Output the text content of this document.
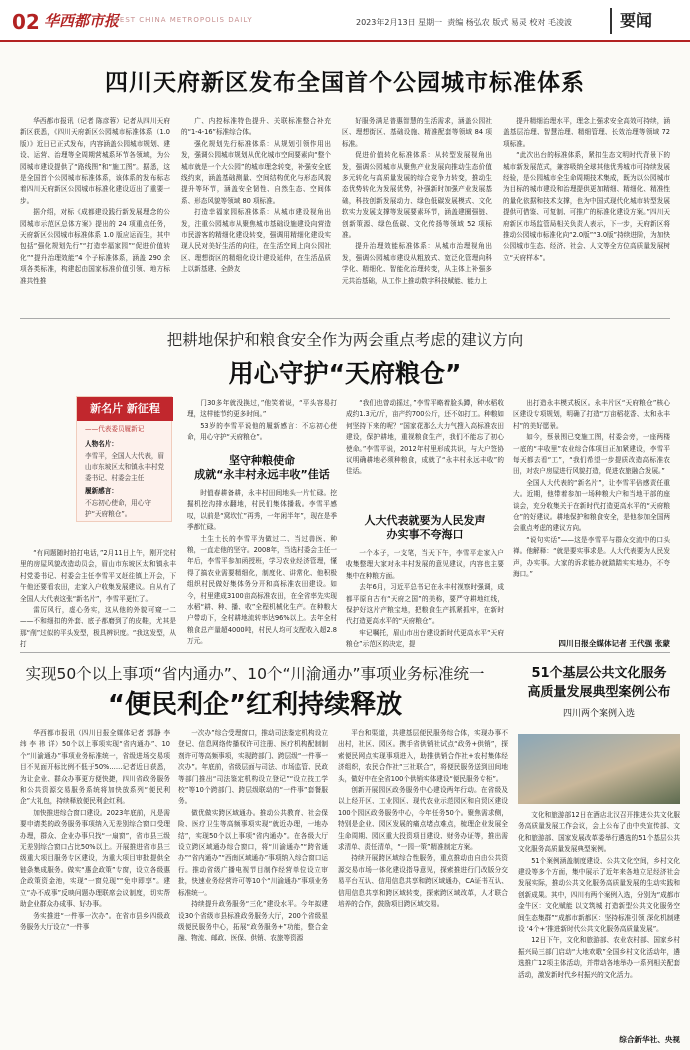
02 华西都市报
WEST CHINA METROPOLIS DAILY	2023年2月13日 星期一 责编 杨弘农 版式 易灵 校对 毛凌波	要闻
四川天府新区发布全国首个公园城市标准体系

华西都市报讯（记者 陈彦蓉）记者从四川天府新区获悉，《四川天府新区公园城市标准体系（1.0版）》近日已正式发布，内容涵盖公园城市规划、建设、运营、治理等全周期营城系环节各领域，为公园城市建设提供了“路线图”和“施工图”。据悉，这是全国首个公园城市标准体系，该体系的发布标志着四川天府新区公园城市标准化建设迈出了重要一步。

据介绍，对标《成都建设践行新发展理念的公园城市示范区总体方案》提出的 24 项重点任务，天府新区公园城市标准体系 1.0 版应运而生，其中包括“强化规划先行”“打造幸福家园”“促进价值转化”“提升治理效能”4 个子标准体系，涵盖 290 余项各类标准，构建起由国家标准价值引领、地方标准共性推

广、内控标准特色提升、关联标准整合补充的“1-4-16”标准综合体。

强化规划先行标准体系：从规划引领作用出发，强调公园城市规划从优化城市空间要素向“整个城市就是一个大公园”的城市理念转变，补强安全底线约束，涵盖基础测量、空间结构优化与形态风貌提升等环节，涵盖安全韧性、自然生态、空间体系、形态风貌等领域 80 项标准。

打造幸福家园标准体系：从城市建设视角出发，注重公园城市从聚焦城市基础设施建设向营造市民游客的精细化建设转变，强调用精细化建设实现人民对美好生活的向往，在生活空间上向公园社区、理想街区的精细化设计建设延伸，在生活品质上以新基建、全龄友

好服务满足普惠智慧的生活需求，涵盖公园社区、理想街区、基础设施、精准配套等领域 84 项标准。

促进价值转化标准体系：从转型发展视角出发，强调公园城市从聚焦产业发展向推动生态价值多元转化与高质量发展的综合竞争力转变，推动生态优势转化为发展优势，补强新时加强产业发展基础，科技创新发展动力、绿色低碳发展模式、文化软实力发展支撑等发展要素环节，涵盖建圈强链、创新策源、绿色低碳、文化传扬等领域 52 项标准。

提升治理效能标准体系：从城市治理视角出发，强调公园城市建设从粗放式、宽泛化管理向科学化、精细化、智能化治理转变，从主体上补强多元共治基础，从工作上推动数字科技赋能、能力上

提升精细治理水平，理念上强求安全高效可持续，涵盖基层治理、智慧治理、精细管理、长效治理等领域 72 项标准。

“此次出台的标准体系，紧扣生态文明时代背景下的城市新发展范式，兼容吸纳全球其他优秀城市可持续发展经验，是公园城市全生命周期技术集成，既为以公园城市为目标的城市建设和治理提供更加精细、精细化、精准性的量化依据和技术支撑，也为中国式现代化城市转型发展提供可借鉴、可复制、可推广的标准化建设方案。”四川天府新区市场监管局相关负责人表示，下一步，天府新区将推动公园城市标准化向“2.0版”“3.0版”持续进阶，为加快公园城市生态、经济、社会、人文等全方位高质量发展树立“天府样本”。

把耕地保护和粮食安全作为两会重点考虑的建议方向
用心守护“天府粮仓”
新名片 新征程
——代表委员履新记
人物名片：
李雪平，全国人大代表，眉山市东坡区太和镇永丰村党委书记、村委会主任
履新感言：
不忘初心使命，用心守护“天府粮仓”。

“有问题随时拍打电话，”2月11日上午，刚开完村里的房屋风貌改造动员会，眉山市东坡区太和镇永丰村党委书记、村委会主任李雪平又赶往镇上开会，下午他还要看农田，走家入户收集发展建议。自从有了全国人大代表这张“新名片”，李雪平更忙了。

雷厉风行，虚心务实，这从他的外貌可窥一二——不和细扣的外套、底子都磨到了的皮鞋，尤其是那“削”过似的平头发型，极具辨识度。“我这发型，从打

门30多年就没换过，”他笑着说，“平头容易打理，这样能节约更多时间。”

53岁的李雪平说他的履新感言：不忘初心使命，用心守护“天府粮仓”。

坚守种粮使命
成就“永丰村永远丰收”佳话

时值春耕备耕，永丰村田间地头一片忙碌。挖掘机挖沟排水翻地，村民们集体播栽。李雪平感叹，以前是“窝坎忙”再秀，一年闲半年”，现在是季季都忙碌。

土生土长的李雪平为做过二、当过兽医、种粮，一直走他的坚守。2008年，当选村委会主任一年后，李雪平参加函授班，学习农业经济管理，懂得了搞农业需要精细化，制度化、讲常化、他积极组织村民做好集体务分开和高标准农田建设。如今，村里建成3100亩高标准农田，在全省率先实现水稻“耕、种、播、收”全程机械化生产。在种粮大户带动下，全村耕地流转率达96%以上。去年全村粮食总产量超4000吨，村民人均可支配收入超2.8万元。

“我们也曾动摇过，”李雪平略着脸头蹲，种水稻收成约1.3元/斤，亩产约700公斤，还不如打工。种粮如何坚持下来的呢？“国家花那么大力气搜入高标准农田建设，保护耕地，重视粮食生产，我们不能忘了初心使命。”李雪平说，2012年村里形成共识，与大户签协议明确耕地必须种粮食，成就了“永丰村永远丰收”的佳话。

人大代表就要为人民发声
办实事不夸海口

一个本子，一支笔，当天下午，李雪平走家入户收集整理大家对永丰村发展的意见建议，内容也主要集中在种粮方面。

去年6月，习近平总书记在永丰村视察时强调，成都平原自古有“天府之国”的美称，要严守耕地红线，保护好这片产粮宝地，把粮食生产抓紧抓牢，在新时代打造更高水平的“天府粮仓”。

牢记嘱托，眉山市出台建设新时代更高水平“天府粮仓”示范区的决定，提

出打造永丰模式板区。永丰片区“天府粮仓”核心区建设专项规划，明确了打造“万亩稻花香、太和永丰村”的美好愿景。

如今，蔡景围已变施工图，村委会旁，一座两楼一底的“丰收里”农业综合体项目正加紧建设，李雪平每天都去看“工”，“我们希望一步提质改造高标准农田，对农户房屋进行风貌打造，促进农旅融合发展。”

全国人大代表的“新名片”，让李雪平倍感责任重大。近期，他带着参加一场种粮大户和当地干部的座谈会，充分收集关于在新时代打造更高水平的“天府粮仓”的好建议。耕地保护和粮食安全，是他参加全国两会重点考虑的建议方向。

“说句实话”——这是李雪平与群众交流中的口头禅。他解释：“就是要实事求是。人大代表要为人民发声，办实事。大家的诉求能办就踏踏实实地办，不夸海口。”

四川日报全媒体记者 王代强 张蒙
实现50个以上事项“省内通办”、10个“川渝通办”事项业务标准统一
“便民利企”红利持续释放

华西都市报讯（四川日报全媒体记者 郭静 李 纬 李 祎 详）50个以上事项实现“省内通办”、10个“川渝通办”事项业务标准统一，省级进场交易项目不见面开标比例不低于50%……记者近日获悉，为让企业、群众办事更方便快捷，四川省政务服务和公共资源交易服务系统将加快放系列“便民利企”大礼包，持续释放便民利企红利。

加快推进综合窗口建设。2023年底前，凡是需要申请类的政务服务事项纳入无差别综合窗口受理办理，群众、企业办事只找“一扇窗”，省市县三级无差别综合窗口占比50%以上。开展推进省市县三级重大项目服务专区建设，为重大项目审批提供全链条集成服务。做实“惠企政策”专窗，设立各级惠企政策资金池，实现“一窗兑现”“免申即享”。建立“办不成事”反映问题办理联席会议制度，切实帮助企业群众办成事、好办事。

务实推进“一件事一次办”。在省市县乡四级政务服务大厅设立“一件事

一次办”综合受理窗口，推动司法鉴定机构设立登记、信息网络传播权许可注册、医疗机构配制制剂许可等高频事项，实现跨部门、跨层级“一件事一次办”。年底前，省级层面与司法、市场监管、民政等部门推出“司法鉴定机构设立登记”“设立技工学校”等10个跨部门、跨层级联动的“一件事”套餐服务。

做优做实跨区域通办。推动公共教育、社会保险、医疗卫生等高频事项实现“就近办理，一地办结”，实现50个以上事项“省内通办”。在各级大厅设立跨区域通办综合窗口，将“川渝通办”“跨省通办”“省内通办”“西南区域通办”事项纳入综合窗口运行。推动省级广播电视节目制作经营单位设立审批，快速业务经营许可等10个“川渝通办”事项业务标准统一。

持续提升政务服务“三化”建设水平。今年拟建设30个省级市县标准政务服务大厅，200个省级星级便民服务中心，拓展“政务服务+”功能，整合金融、物流、邮政、医保、供销、农旅等资源

平台和渠道，共建基层便民服务综合体，实现办事不出村，社区、园区。携手省供销社试点“政务+供销”，探索便民网点实现事项进入，助推供销合作社+农村集体经济组织，农民合作社“三社联合”，将便民服务送到田间地头，做好中在全省100个供销实体建设“便民服务专柜”。

创新开展园区政务服务中心建设两年行动。在省级及以上经开区、工业园区、现代农业示范园区和自贸区建设100个园区政务服务中心，今年任务50个。聚焦需求侧，特别是企业、园区发展的痛点堵点难点，梳理企业发展全生命周期、园区重大投资项目建设、财务办证等，推出需求清单、责任清单，“一园一策”精准制定方案。

持续开展跨区域综合性服务，重点推动由自由公共资源交易市场一体化建设指导意见，探索推进行门改版分交易平台互认、信用信息共享和跨区域通办，CA证书互认、信用信息共享和跨区域转变，探索跨区域改革，人才联合培养的合作，鼓励项目跨区域交易。

51个基层公共文化服务
高质量发展典型案例公布
四川两个案例入选

文化和旅游部12日在酒店北汉召开推进公共文化服务高质量发展工作会议，会上公布了由中央宣传部、文化和旅游部、国家发展改革委举行遴选的51个基层公共文化服务高质量发展典型案例。

51个案例涵盖制度建设、公共文化空间，乡村文化建设等多个方面，集中展示了近年来各地立足经济社会发展实际，推动公共文化服务高质量发展的生动实践和创新成果。其中，四川有两个案例入选，分别为“成都市金牛区：文化赋能 以文筑城 打造新型公共文化服务空间生态集群”“成都市新都区：坚持标准引领 深化机制建设 ‘4个+’推进新时代公共文化服务高质量发展”。

12日下午，文化和旅游部、农业农村部、国家乡村振兴局三部门启动“大地欢歌”全国乡村文化活动年，遴选推广12项主体活动，并带动各地举办一系列相关配套活动，激发新时代乡村振兴的文化活力。

综合新华社、央视
